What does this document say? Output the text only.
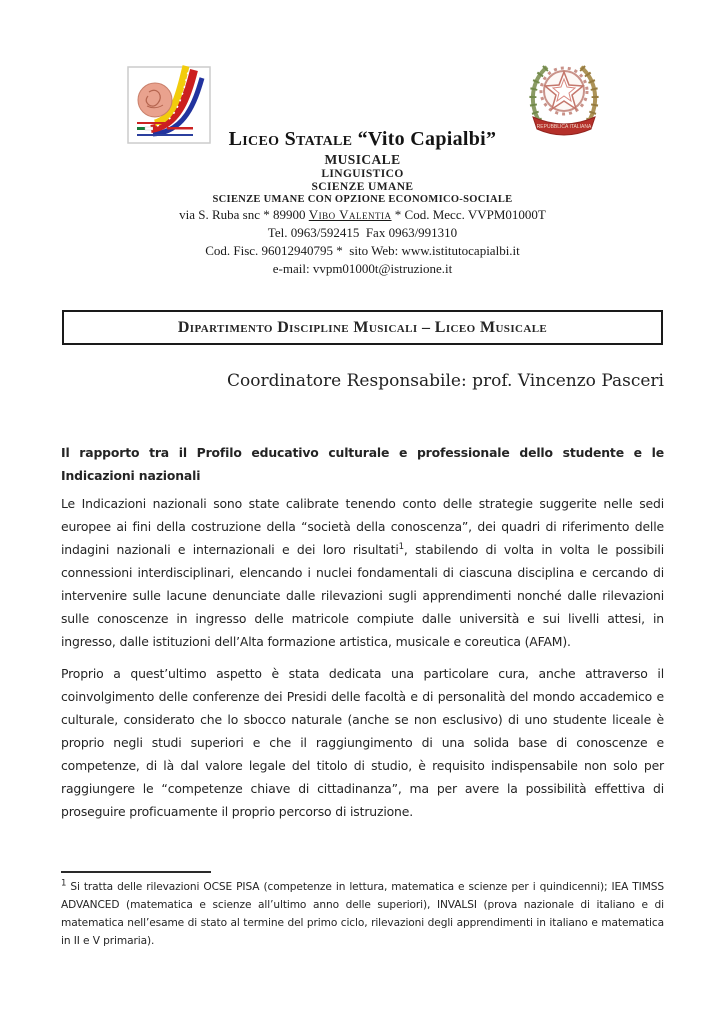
REPUBBLICA ITALIANA
Liceo Statale “Vito Capialbi”
MUSICALE
LINGUISTICO
SCIENZE UMANE
SCIENZE UMANE CON OPZIONE ECONOMICO-SOCIALE
via S. Ruba snc * 89900 Vibo Valentia * Cod. Mecc. VVPM01000T
Tel. 0963/592415  Fax 0963/991310
Cod. Fisc. 96012940795 *  sito Web: www.istitutocapialbi.it
e-mail: vvpm01000t@istruzione.it
Dipartimento Discipline Musicali – Liceo Musicale
Coordinatore Responsabile: prof. Vincenzo Pasceri
Il rapporto tra il Profilo educativo culturale e professionale dello studente e le Indicazioni nazionali

Le Indicazioni nazionali sono state calibrate tenendo conto delle strategie suggerite nelle sedi europee ai fini della costruzione della “società della conoscenza”, dei quadri di riferimento delle indagini nazionali e internazionali e dei loro risultati$^1$, stabilendo di volta in volta le possibili connessioni interdisciplinari, elencando i nuclei fondamentali di ciascuna disciplina e cercando di intervenire sulle lacune denunciate dalle rilevazioni sugli apprendimenti nonché dalle rilevazioni sulle conoscenze in ingresso delle matricole compiute dalle università e sui livelli attesi, in ingresso, dalle istituzioni dell’Alta formazione artistica, musicale e coreutica (AFAM).

Proprio a quest’ultimo aspetto è stata dedicata una particolare cura, anche attraverso il coinvolgimento delle conferenze dei Presidi delle facoltà e di personalità del mondo accademico e culturale, considerato che lo sbocco naturale (anche se non esclusivo) di uno studente liceale è proprio negli studi superiori e che il raggiungimento di una solida base di conoscenze e competenze, di là dal valore legale del titolo di studio, è requisito indispensabile non solo per raggiungere le “competenze chiave di cittadinanza”, ma per avere la possibilità effettiva di proseguire proficuamente il proprio percorso di istruzione.

$^1$ Si tratta delle rilevazioni OCSE PISA (competenze in lettura, matematica e scienze per i quindicenni); IEA TIMSS ADVANCED (matematica e scienze all’ultimo anno delle superiori), INVALSI (prova nazionale di italiano e di matematica nell’esame di stato al termine del primo ciclo, rilevazioni degli apprendimenti in italiano e matematica in II e V primaria).
